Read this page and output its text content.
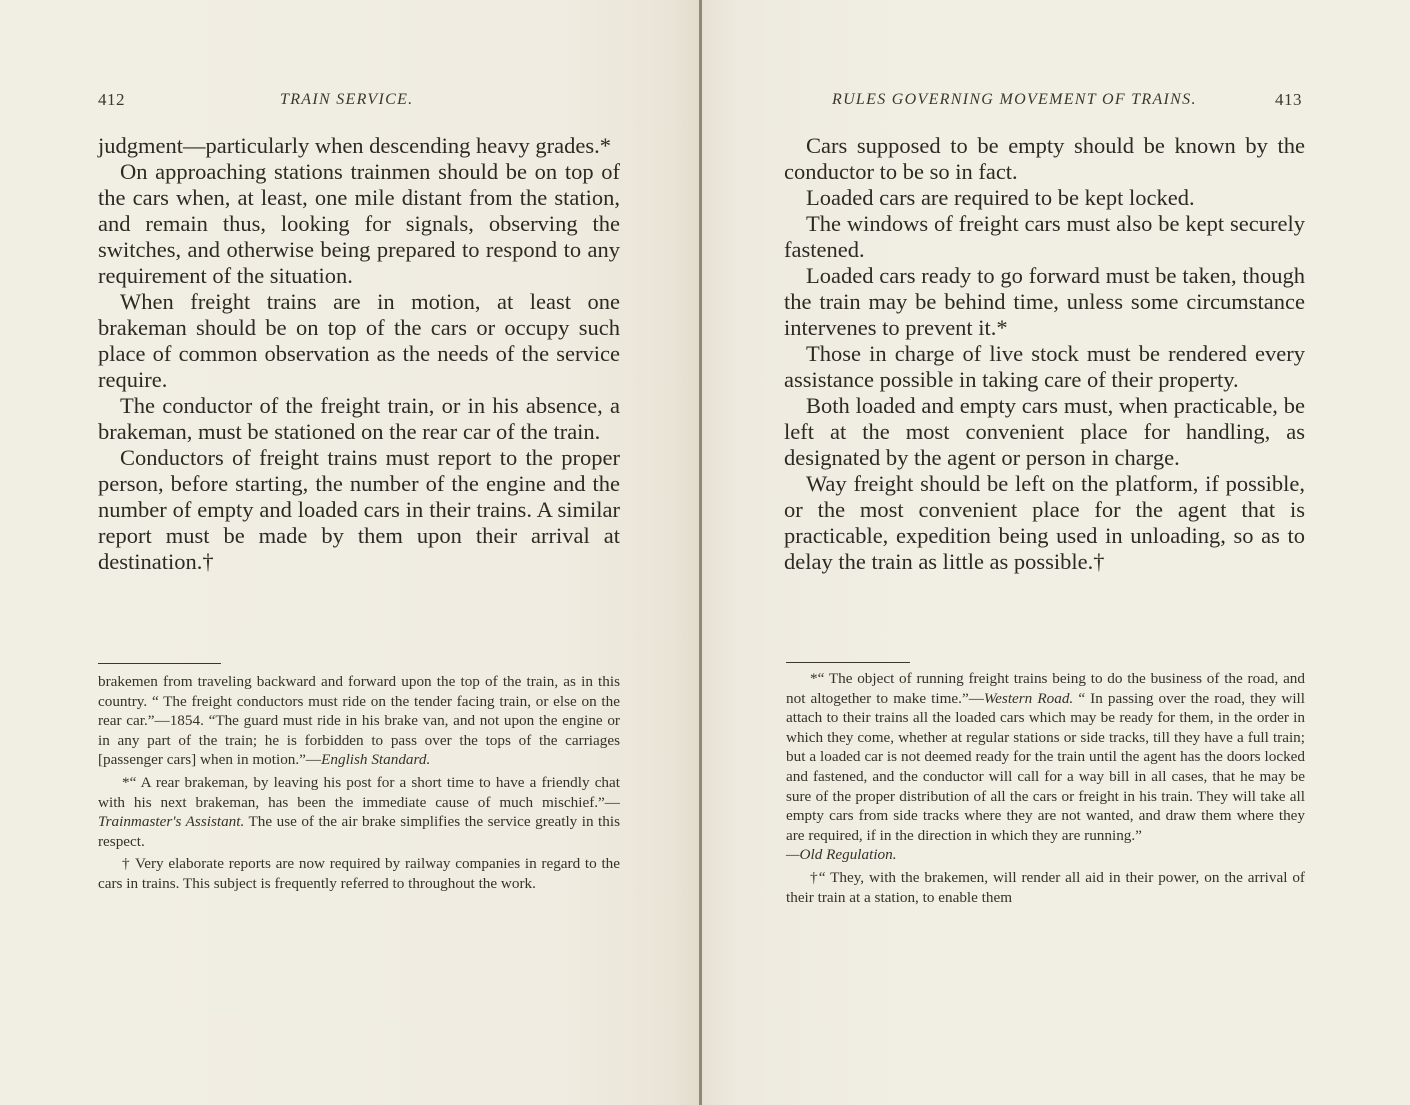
412	TRAIN SERVICE.

judgment—particularly when descending heavy grades.*

On approaching stations trainmen should be on top of the cars when, at least, one mile distant from the station, and remain thus, looking for signals, observing the switches, and otherwise being prepared to respond to any requirement of the situation.

When freight trains are in motion, at least one brakeman should be on top of the cars or occupy such place of common observation as the needs of the service require.

The conductor of the freight train, or in his absence, a brakeman, must be stationed on the rear car of the train.

Conductors of freight trains must report to the proper person, before starting, the number of the engine and the number of empty and loaded cars in their trains. A similar report must be made by them upon their arrival at destination.†

brakemen from traveling backward and forward upon the top of the train, as in this country. “ The freight conductors must ride on the tender facing train, or else on the rear car.”—1854. “The guard must ride in his brake van, and not upon the engine or in any part of the train; he is forbidden to pass over the tops of the carriages [passenger cars] when in motion.”—English Standard.

*“ A rear brakeman, by leaving his post for a short time to have a friendly chat with his next brakeman, has been the immediate cause of much mischief.”—Trainmaster's Assistant. The use of the air brake simplifies the service greatly in this respect.

† Very elaborate reports are now required by railway companies in regard to the cars in trains. This subject is frequently referred to throughout the work.

RULES GOVERNING MOVEMENT OF TRAINS.	413

Cars supposed to be empty should be known by the conductor to be so in fact.

Loaded cars are required to be kept locked.

The windows of freight cars must also be kept securely fastened.

Loaded cars ready to go forward must be taken, though the train may be behind time, unless some circumstance intervenes to prevent it.*

Those in charge of live stock must be rendered every assistance possible in taking care of their property.

Both loaded and empty cars must, when practicable, be left at the most convenient place for handling, as designated by the agent or person in charge.

Way freight should be left on the platform, if possible, or the most convenient place for the agent that is practicable, expedition being used in unloading, so as to delay the train as little as possible.†

*“ The object of running freight trains being to do the business of the road, and not altogether to make time.”—Western Road. “ In passing over the road, they will attach to their trains all the loaded cars which may be ready for them, in the order in which they come, whether at regular stations or side tracks, till they have a full train; but a loaded car is not deemed ready for the train until the agent has the doors locked and fastened, and the conductor will call for a way bill in all cases, that he may be sure of the proper distribution of all the cars or freight in his train. They will take all empty cars from side tracks where they are not wanted, and draw them where they are required, if in the direction in which they are running.”
—Old Regulation.

†“ They, with the brakemen, will render all aid in their power, on the arrival of their train at a station, to enable them
